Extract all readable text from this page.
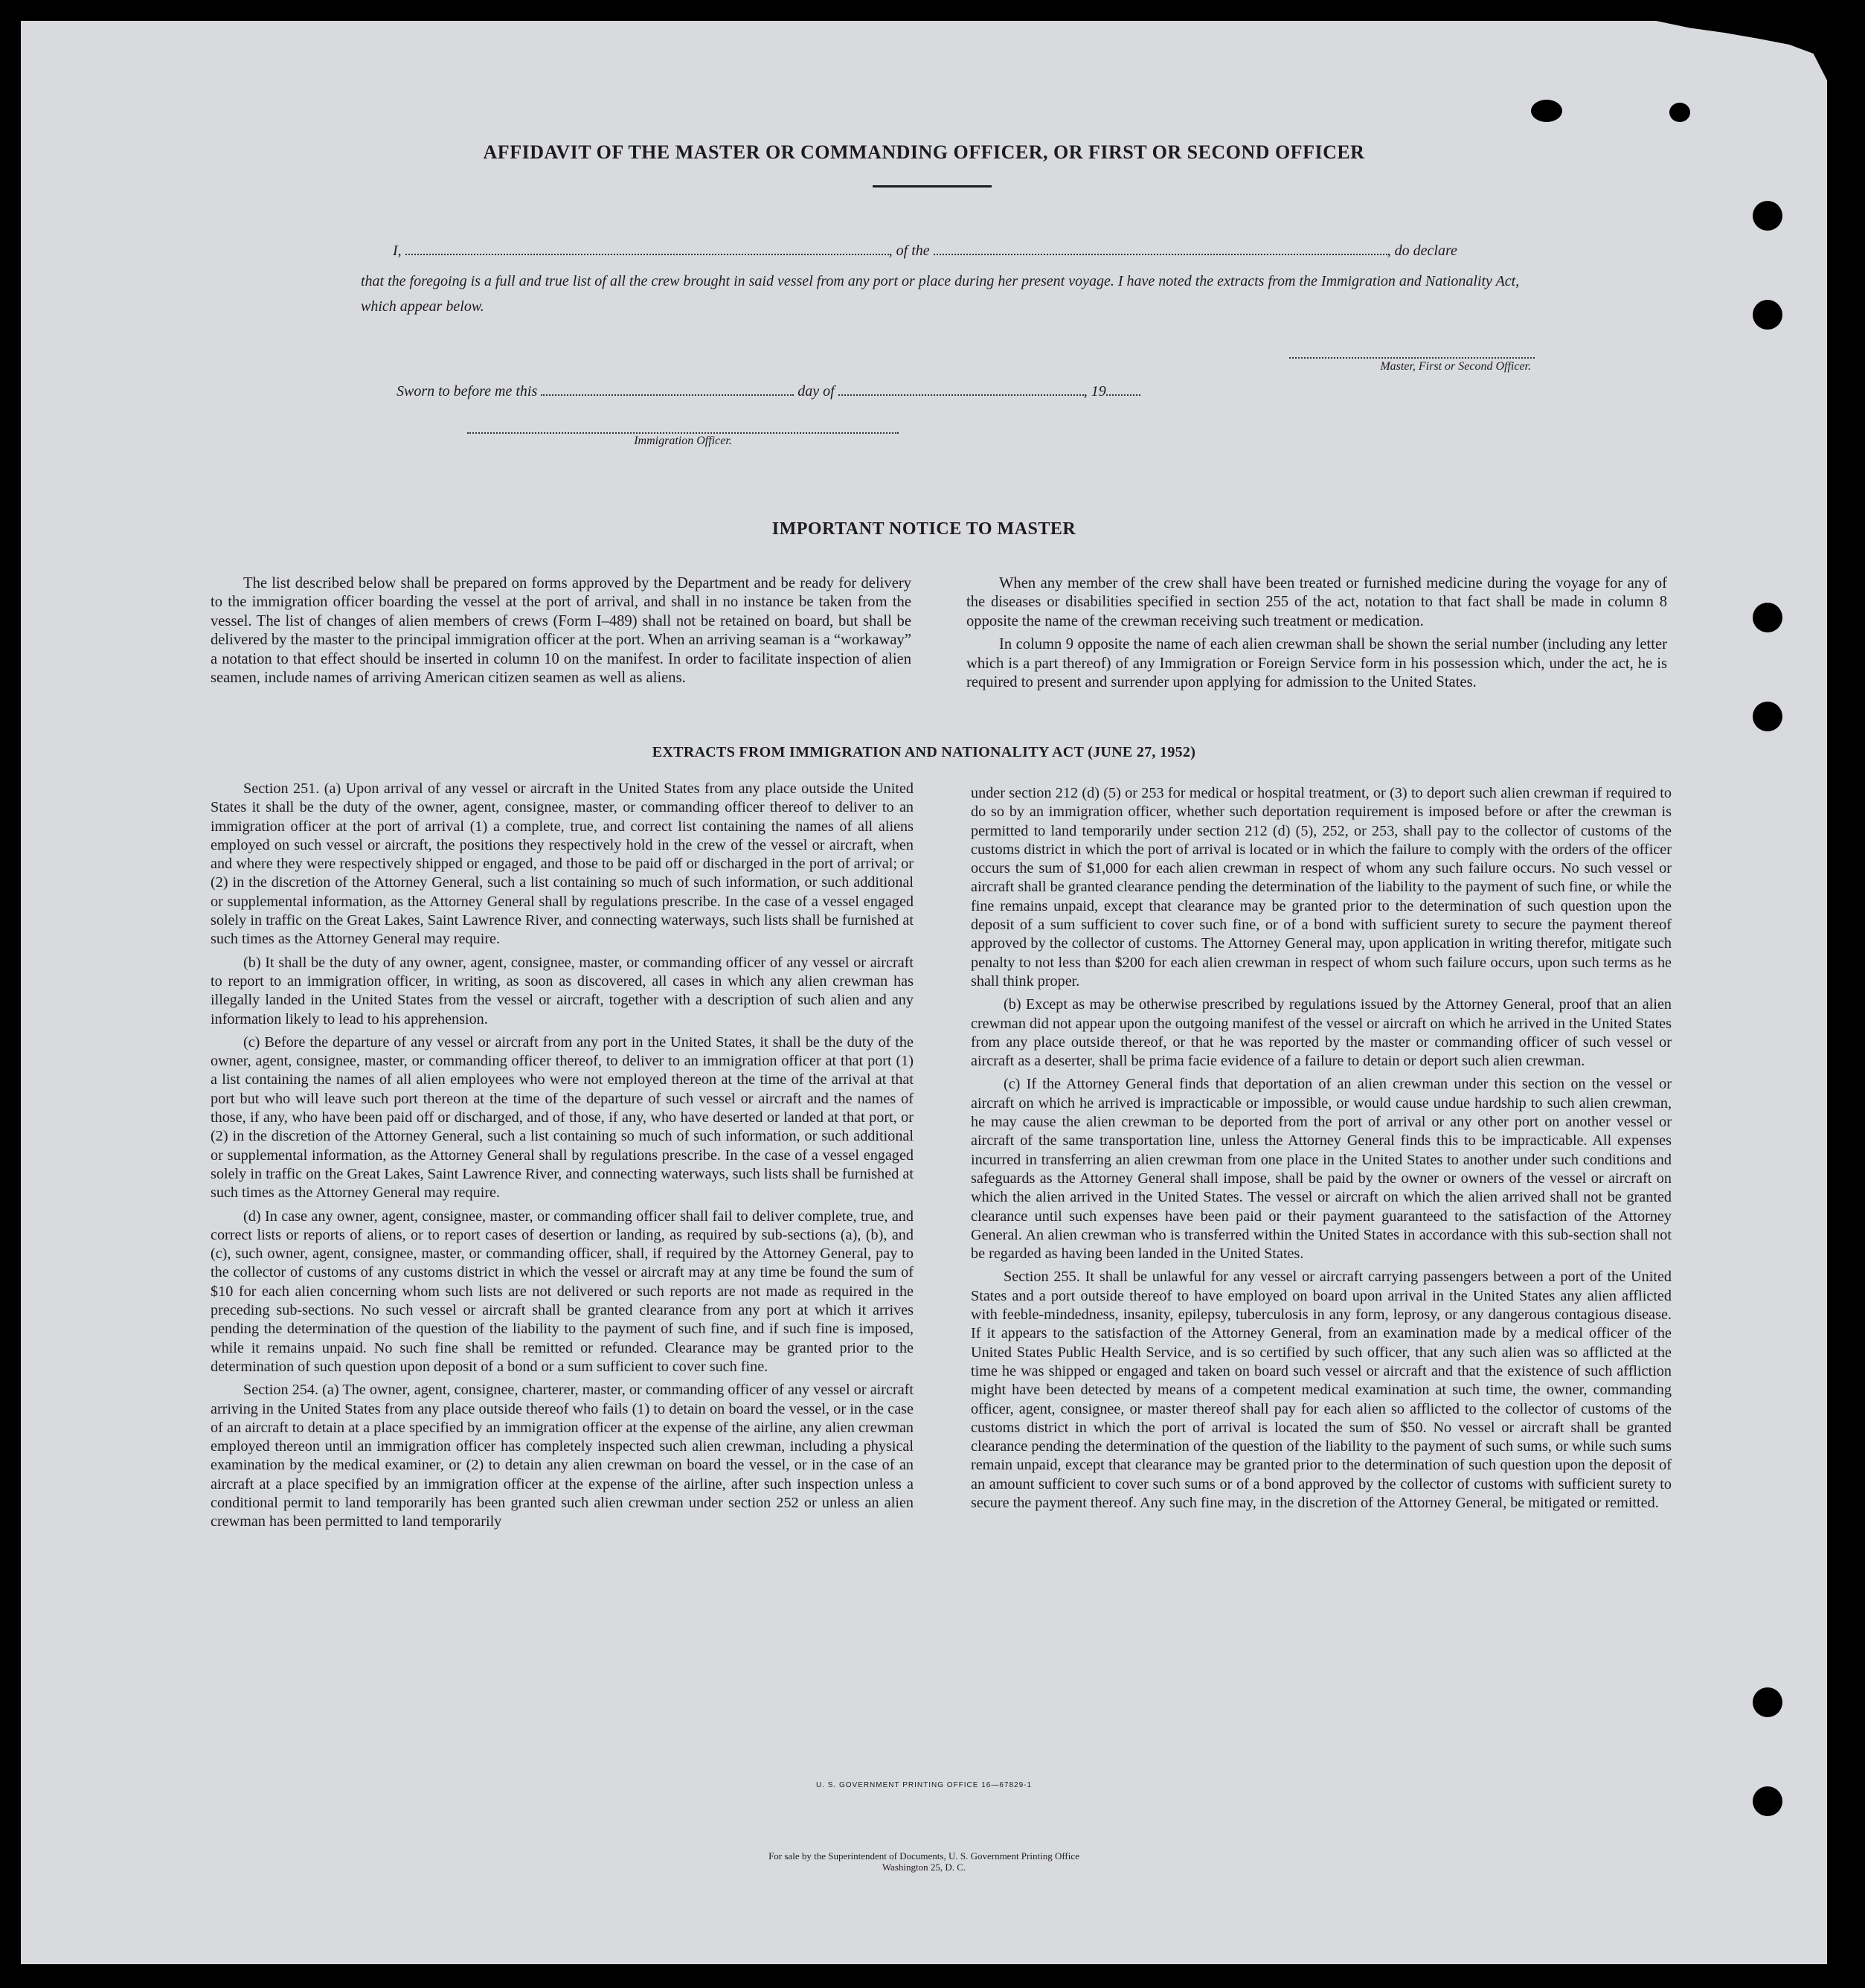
AFFIDAVIT OF THE MASTER OR COMMANDING OFFICER, OR FIRST OR SECOND OFFICER
I,	, of the	, do declare
that the foregoing is a full and true list of all the crew brought in said vessel from any port or place during her present voyage. I have noted the extracts from the Immigration and Nationality Act, which appear below.
Master, First or Second Officer.
Sworn to before me this	day of	, 19
Immigration Officer.
IMPORTANT NOTICE TO MASTER

The list described below shall be prepared on forms approved by the Department and be ready for delivery to the immigration officer boarding the vessel at the port of arrival, and shall in no instance be taken from the vessel. The list of changes of alien members of crews (Form I–489) shall not be retained on board, but shall be delivered by the master to the principal immigration officer at the port. When an arriving seaman is a “workaway” a notation to that effect should be inserted in column 10 on the manifest. In order to facilitate inspection of alien seamen, include names of arriving American citizen seamen as well as aliens.

When any member of the crew shall have been treated or furnished medicine during the voyage for any of the diseases or disabilities specified in section 255 of the act, notation to that fact shall be made in column 8 opposite the name of the crewman receiving such treatment or medication.

In column 9 opposite the name of each alien crewman shall be shown the serial number (including any letter which is a part thereof) of any Immigration or Foreign Service form in his possession which, under the act, he is required to present and surrender upon applying for admission to the United States.

EXTRACTS FROM IMMIGRATION AND NATIONALITY ACT (JUNE 27, 1952)

Section 251. (a) Upon arrival of any vessel or aircraft in the United States from any place outside the United States it shall be the duty of the owner, agent, consignee, master, or commanding officer thereof to deliver to an immigration officer at the port of arrival (1) a complete, true, and correct list containing the names of all aliens employed on such vessel or aircraft, the positions they respectively hold in the crew of the vessel or aircraft, when and where they were respectively shipped or engaged, and those to be paid off or discharged in the port of arrival; or (2) in the discretion of the Attorney General, such a list containing so much of such information, or such additional or supplemental information, as the Attorney General shall by regulations prescribe. In the case of a vessel engaged solely in traffic on the Great Lakes, Saint Lawrence River, and connecting waterways, such lists shall be furnished at such times as the Attorney General may require.

(b) It shall be the duty of any owner, agent, consignee, master, or commanding officer of any vessel or aircraft to report to an immigration officer, in writing, as soon as discovered, all cases in which any alien crewman has illegally landed in the United States from the vessel or aircraft, together with a description of such alien and any information likely to lead to his apprehension.

(c) Before the departure of any vessel or aircraft from any port in the United States, it shall be the duty of the owner, agent, consignee, master, or commanding officer thereof, to deliver to an immigration officer at that port (1) a list containing the names of all alien employees who were not employed thereon at the time of the arrival at that port but who will leave such port thereon at the time of the departure of such vessel or aircraft and the names of those, if any, who have been paid off or discharged, and of those, if any, who have deserted or landed at that port, or (2) in the discretion of the Attorney General, such a list containing so much of such information, or such additional or supplemental information, as the Attorney General shall by regulations prescribe. In the case of a vessel engaged solely in traffic on the Great Lakes, Saint Lawrence River, and connecting waterways, such lists shall be furnished at such times as the Attorney General may require.

(d) In case any owner, agent, consignee, master, or commanding officer shall fail to deliver complete, true, and correct lists or reports of aliens, or to report cases of desertion or landing, as required by sub-sections (a), (b), and (c), such owner, agent, consignee, master, or commanding officer, shall, if required by the Attorney General, pay to the collector of customs of any customs district in which the vessel or aircraft may at any time be found the sum of $10 for each alien concerning whom such lists are not delivered or such reports are not made as required in the preceding sub-sections. No such vessel or aircraft shall be granted clearance from any port at which it arrives pending the determination of the question of the liability to the payment of such fine, and if such fine is imposed, while it remains unpaid. No such fine shall be remitted or refunded. Clearance may be granted prior to the determination of such question upon deposit of a bond or a sum sufficient to cover such fine.

Section 254. (a) The owner, agent, consignee, charterer, master, or commanding officer of any vessel or aircraft arriving in the United States from any place outside thereof who fails (1) to detain on board the vessel, or in the case of an aircraft to detain at a place specified by an immigration officer at the expense of the airline, any alien crewman employed thereon until an immigration officer has completely inspected such alien crewman, including a physical examination by the medical examiner, or (2) to detain any alien crewman on board the vessel, or in the case of an aircraft at a place specified by an immigration officer at the expense of the airline, after such inspection unless a conditional permit to land temporarily has been granted such alien crewman under section 252 or unless an alien crewman has been permitted to land temporarily

under section 212 (d) (5) or 253 for medical or hospital treatment, or (3) to deport such alien crewman if required to do so by an immigration officer, whether such deportation requirement is imposed before or after the crewman is permitted to land temporarily under section 212 (d) (5), 252, or 253, shall pay to the collector of customs of the customs district in which the port of arrival is located or in which the failure to comply with the orders of the officer occurs the sum of $1,000 for each alien crewman in respect of whom any such failure occurs. No such vessel or aircraft shall be granted clearance pending the determination of the liability to the payment of such fine, or while the fine remains unpaid, except that clearance may be granted prior to the determination of such question upon the deposit of a sum sufficient to cover such fine, or of a bond with sufficient surety to secure the payment thereof approved by the collector of customs. The Attorney General may, upon application in writing therefor, mitigate such penalty to not less than $200 for each alien crewman in respect of whom such failure occurs, upon such terms as he shall think proper.

(b) Except as may be otherwise prescribed by regulations issued by the Attorney General, proof that an alien crewman did not appear upon the outgoing manifest of the vessel or aircraft on which he arrived in the United States from any place outside thereof, or that he was reported by the master or commanding officer of such vessel or aircraft as a deserter, shall be prima facie evidence of a failure to detain or deport such alien crewman.

(c) If the Attorney General finds that deportation of an alien crewman under this section on the vessel or aircraft on which he arrived is impracticable or impossible, or would cause undue hardship to such alien crewman, he may cause the alien crewman to be deported from the port of arrival or any other port on another vessel or aircraft of the same transportation line, unless the Attorney General finds this to be impracticable. All expenses incurred in transferring an alien crewman from one place in the United States to another under such conditions and safeguards as the Attorney General shall impose, shall be paid by the owner or owners of the vessel or aircraft on which the alien arrived in the United States. The vessel or aircraft on which the alien arrived shall not be granted clearance until such expenses have been paid or their payment guaranteed to the satisfaction of the Attorney General. An alien crewman who is transferred within the United States in accordance with this sub-section shall not be regarded as having been landed in the United States.

Section 255. It shall be unlawful for any vessel or aircraft carrying passengers between a port of the United States and a port outside thereof to have employed on board upon arrival in the United States any alien afflicted with feeble-mindedness, insanity, epilepsy, tuberculosis in any form, leprosy, or any dangerous contagious disease. If it appears to the satisfaction of the Attorney General, from an examination made by a medical officer of the United States Public Health Service, and is so certified by such officer, that any such alien was so afflicted at the time he was shipped or engaged and taken on board such vessel or aircraft and that the existence of such affliction might have been detected by means of a competent medical examination at such time, the owner, commanding officer, agent, consignee, or master thereof shall pay for each alien so afflicted to the collector of customs of the customs district in which the port of arrival is located the sum of $50. No vessel or aircraft shall be granted clearance pending the determination of the question of the liability to the payment of such sums, or while such sums remain unpaid, except that clearance may be granted prior to the determination of such question upon the deposit of an amount sufficient to cover such sums or of a bond approved by the collector of customs with sufficient surety to secure the payment thereof. Any such fine may, in the discretion of the Attorney General, be mitigated or remitted.

U. S. GOVERNMENT PRINTING OFFICE 16—67829-1
For sale by the Superintendent of Documents, U. S. Government Printing Office
Washington 25, D. C.
